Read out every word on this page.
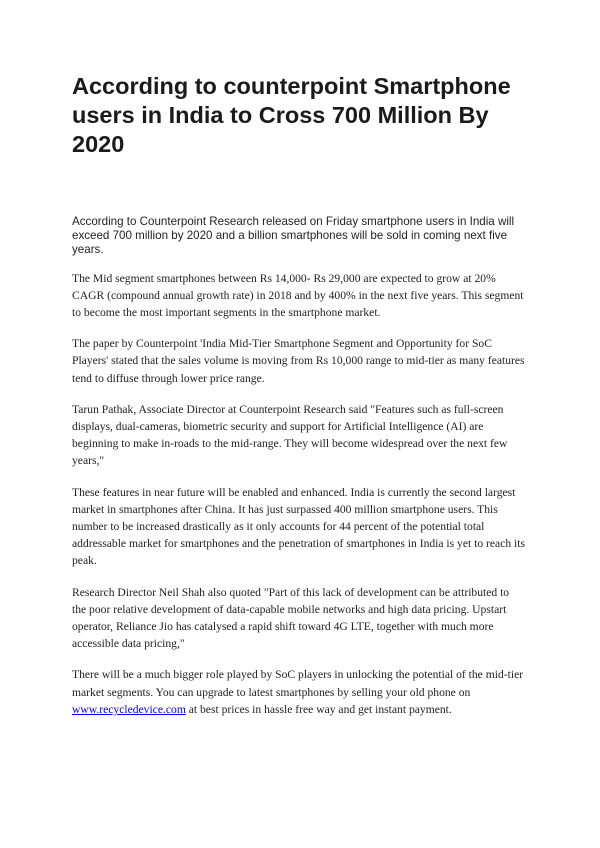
According to counterpoint Smartphone users in India to Cross 700 Million By 2020

According to Counterpoint Research released on Friday smartphone users in India will exceed 700 million by 2020 and a billion smartphones will be sold in coming next five years.

The Mid segment smartphones between Rs 14,000- Rs 29,000 are expected to grow at 20% CAGR (compound annual growth rate) in 2018 and by 400% in the next five years. This segment to become the most important segments in the smartphone market.

The paper by Counterpoint 'India Mid-Tier Smartphone Segment and Opportunity for SoC Players' stated that the sales volume is moving from Rs 10,000 range to mid-tier as many features tend to diffuse through lower price range.

Tarun Pathak, Associate Director at Counterpoint Research said "Features such as full-screen displays, dual-cameras, biometric security and support for Artificial Intelligence (AI) are beginning to make in-roads to the mid-range. They will become widespread over the next few years,"

These features in near future will be enabled and enhanced. India is currently the second largest market in smartphones after China. It has just surpassed 400 million smartphone users. This number to be increased drastically as it only accounts for 44 percent of the potential total addressable market for smartphones and the penetration of smartphones in India is yet to reach its peak.

Research Director Neil Shah also quoted "Part of this lack of development can be attributed to the poor relative development of data-capable mobile networks and high data pricing. Upstart operator, Reliance Jio has catalysed a rapid shift toward 4G LTE, together with much more accessible data pricing,"

There will be a much bigger role played by SoC players in unlocking the potential of the mid-tier market segments. You can upgrade to latest smartphones by selling your old phone on www.recycledevice.com at best prices in hassle free way and get instant payment.
